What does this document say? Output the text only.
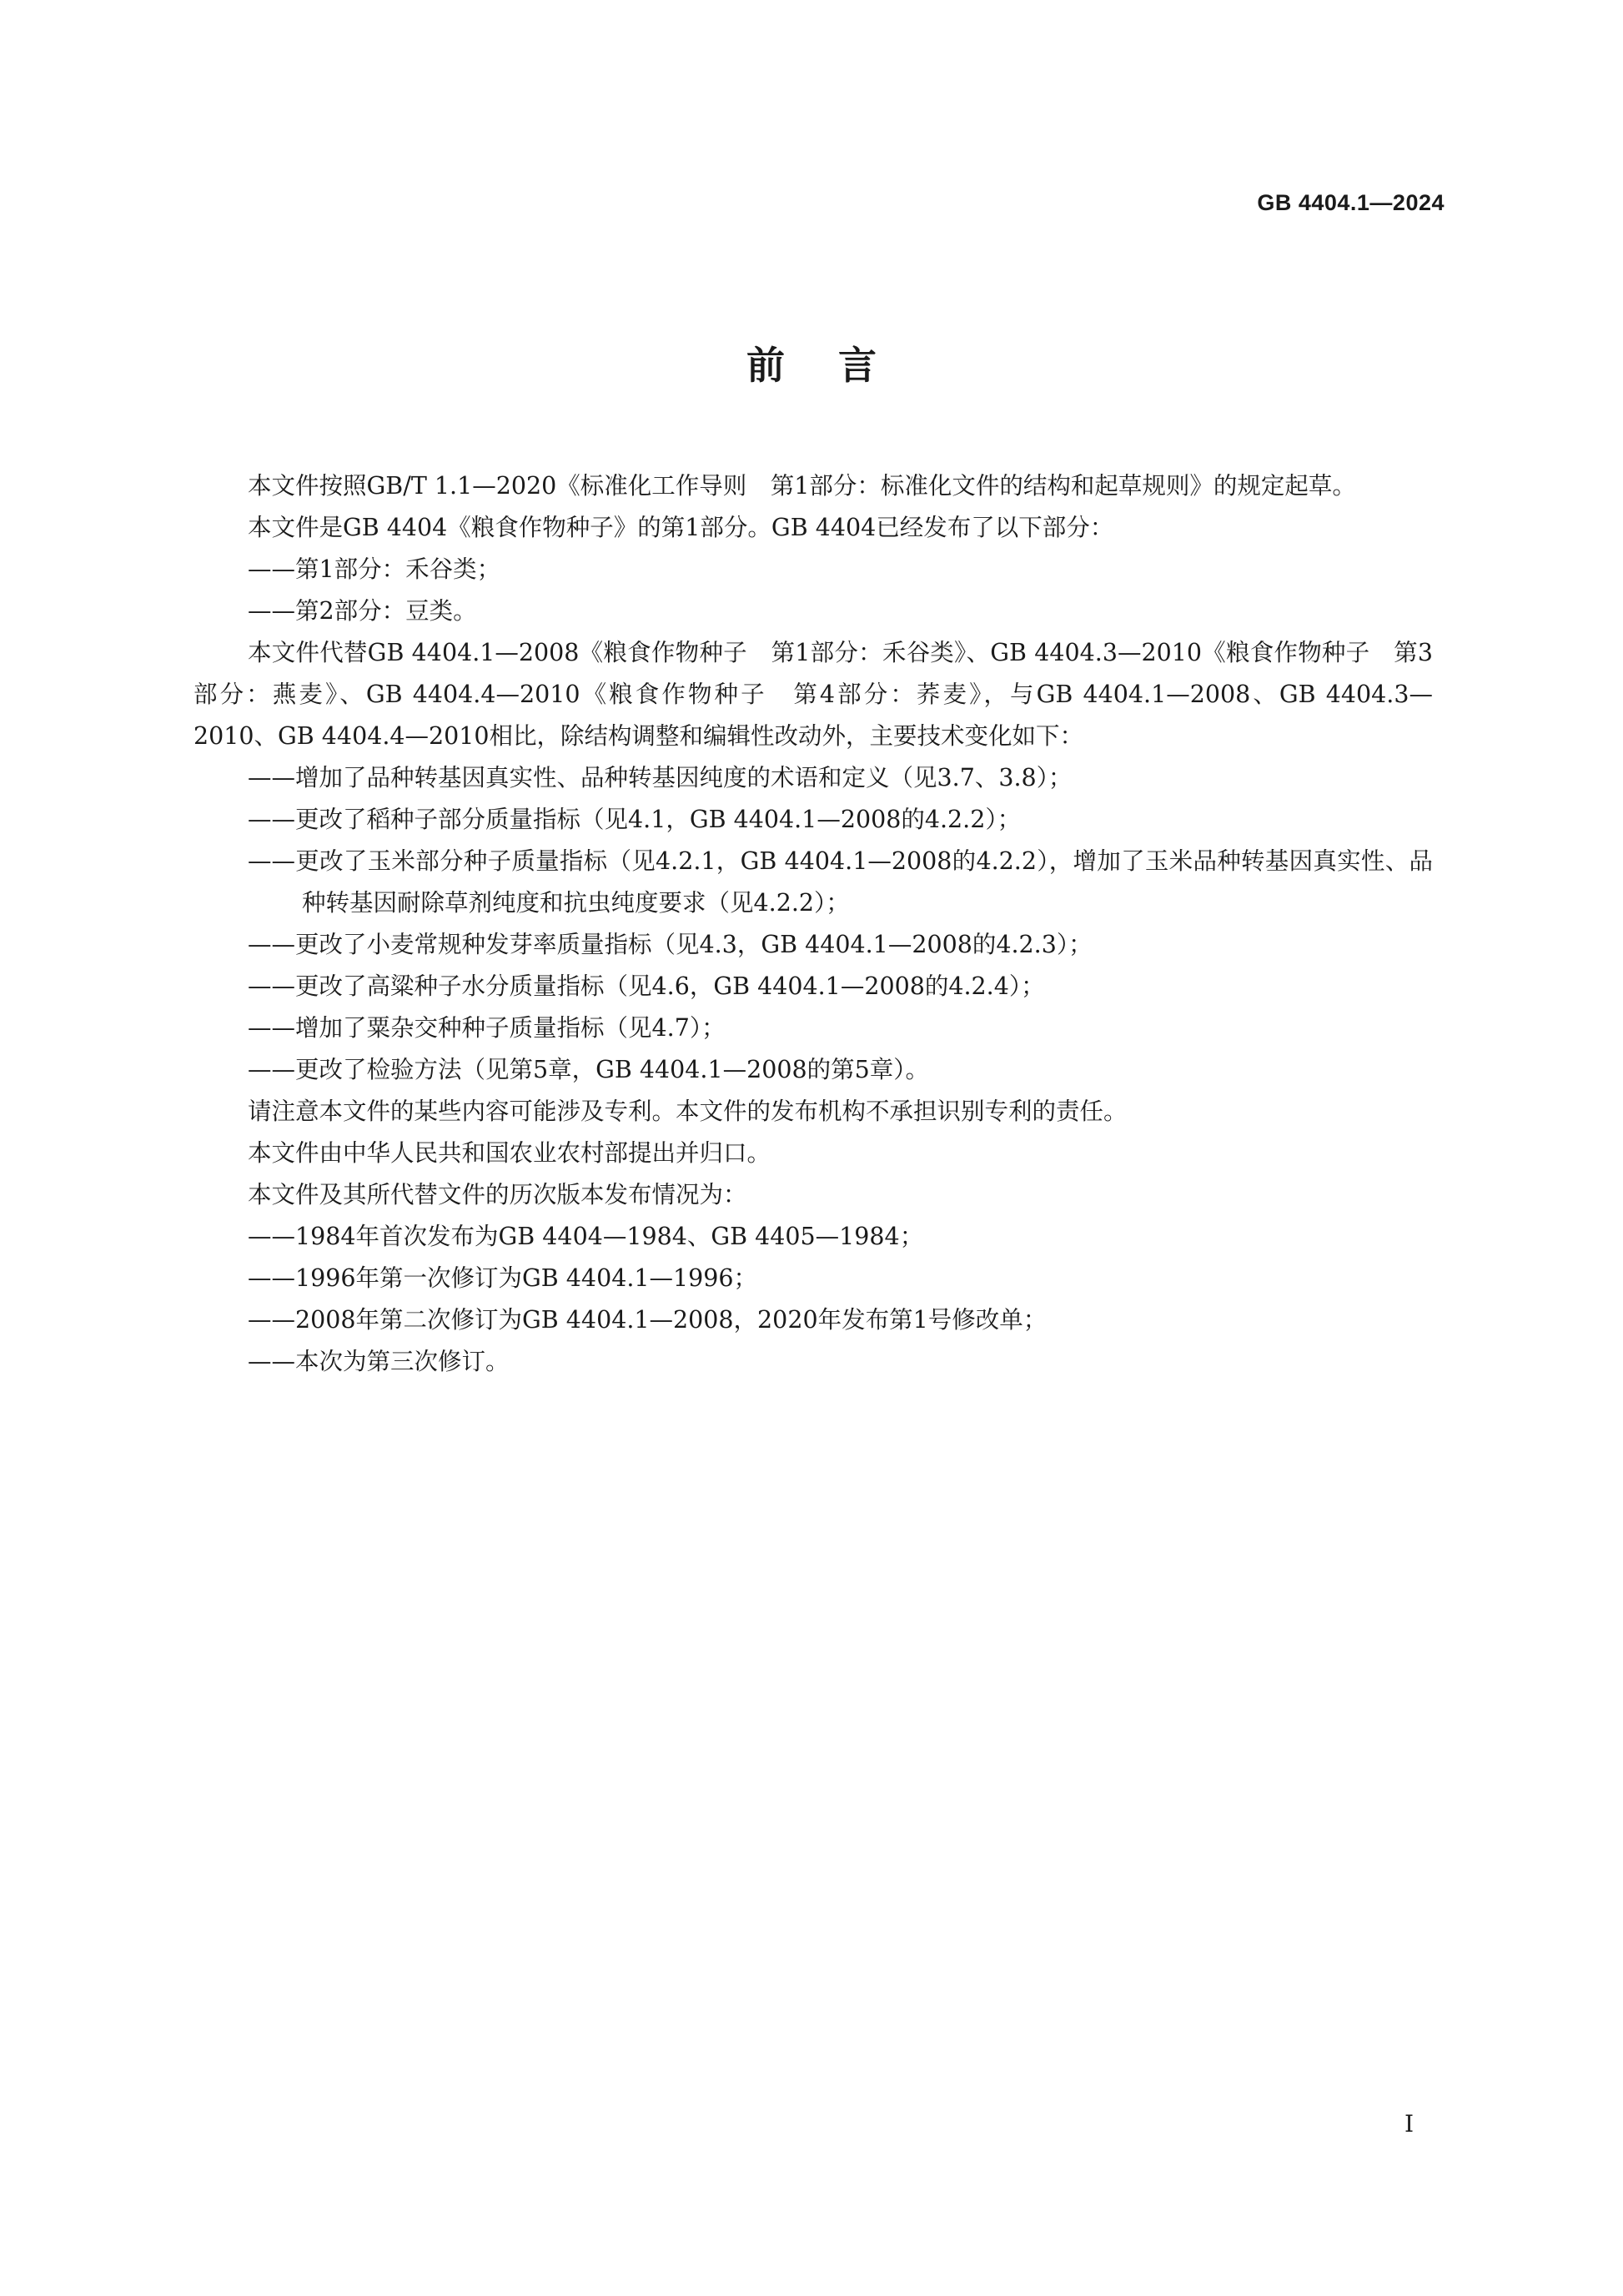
GB 4404.1—2024
前言

本文件按照GB/T 1.1—2020《标准化工作导则　第1部分：标准化文件的结构和起草规则》的规定起草。

本文件是GB 4404《粮食作物种子》的第1部分。GB 4404已经发布了以下部分：

——第1部分：禾谷类；

——第2部分：豆类。

本文件代替GB 4404.1—2008《粮食作物种子　第1部分：禾谷类》、GB 4404.3—2010《粮食作物种子　第3部分：燕麦》、GB 4404.4—2010《粮食作物种子　第4部分：荞麦》，与GB 4404.1—2008、GB 4404.3—2010、GB 4404.4—2010相比，除结构调整和编辑性改动外，主要技术变化如下：

——增加了品种转基因真实性、品种转基因纯度的术语和定义（见3.7、3.8）；

——更改了稻种子部分质量指标（见4.1，GB 4404.1—2008的4.2.2）；

——更改了玉米部分种子质量指标（见4.2.1，GB 4404.1—2008的4.2.2），增加了玉米品种转基因真实性、品种转基因耐除草剂纯度和抗虫纯度要求（见4.2.2）；

——更改了小麦常规种发芽率质量指标（见4.3，GB 4404.1—2008的4.2.3）；

——更改了高粱种子水分质量指标（见4.6，GB 4404.1—2008的4.2.4）；

——增加了粟杂交种种子质量指标（见4.7）；

——更改了检验方法（见第5章，GB 4404.1—2008的第5章）。

请注意本文件的某些内容可能涉及专利。本文件的发布机构不承担识别专利的责任。

本文件由中华人民共和国农业农村部提出并归口。

本文件及其所代替文件的历次版本发布情况为：

——1984年首次发布为GB 4404—1984、GB 4405—1984；

——1996年第一次修订为GB 4404.1—1996；

——2008年第二次修订为GB 4404.1—2008，2020年发布第1号修改单；

——本次为第三次修订。

I
